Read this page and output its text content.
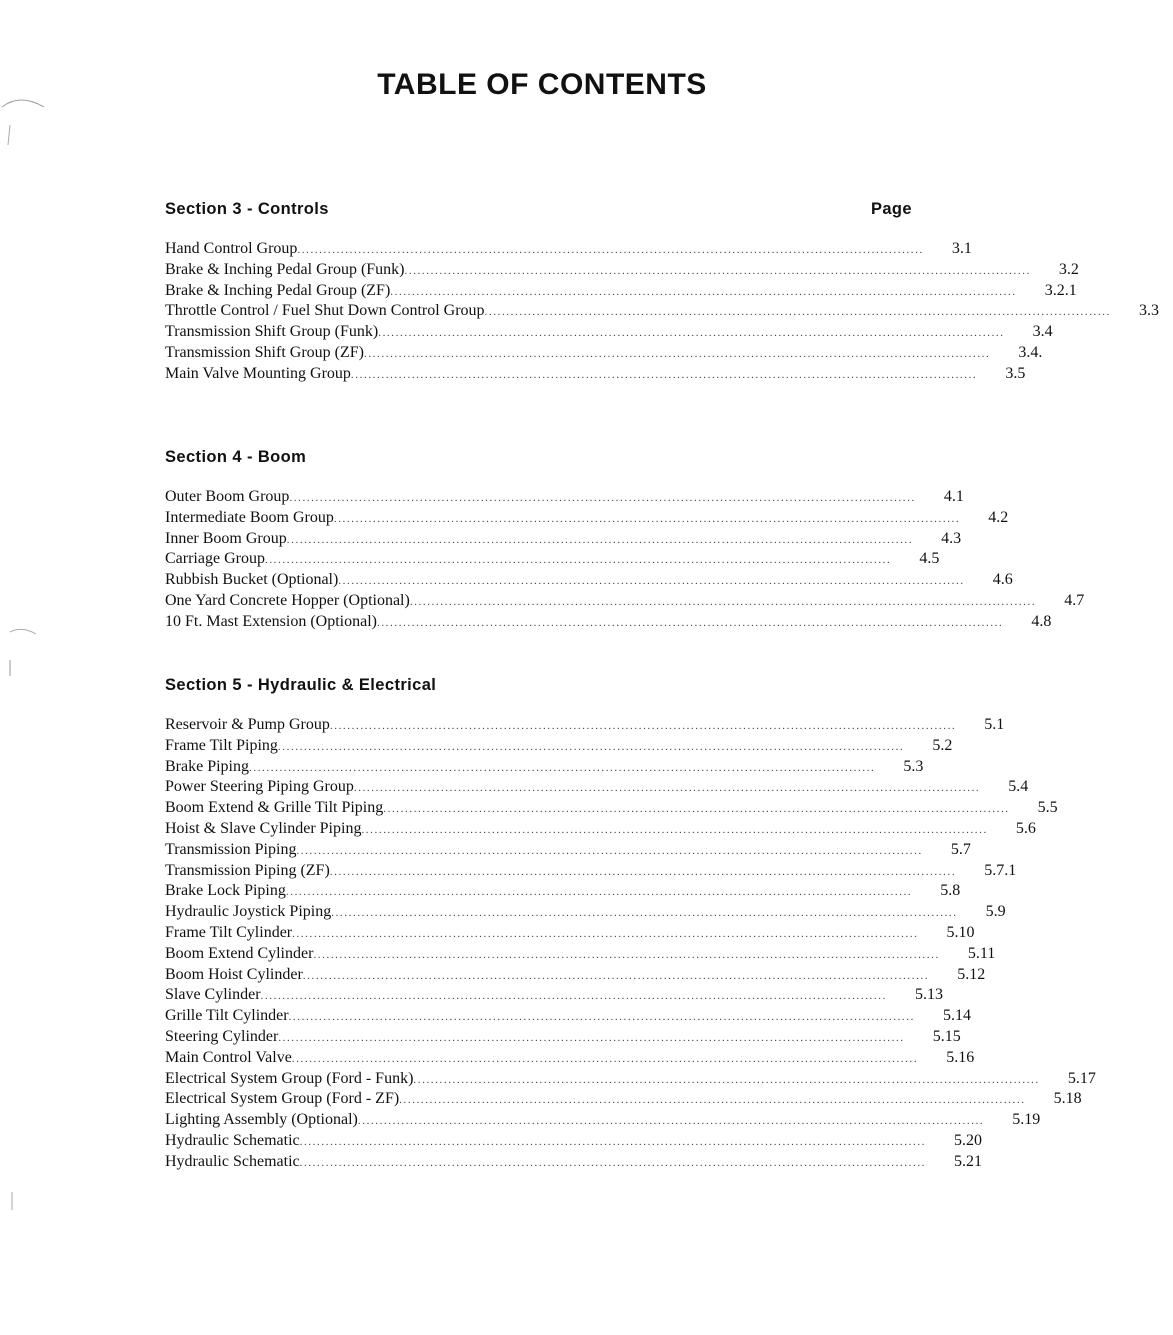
TABLE OF CONTENTS
Section 3 - Controls	Page
Hand Control Group ................................................................................................................................................ 3.1
Brake & Inching Pedal Group (Funk) ................................................................................................................................................ 3.2
Brake & Inching Pedal Group (ZF) ................................................................................................................................................ 3.2.1
Throttle Control / Fuel Shut Down Control Group ................................................................................................................................................ 3.3
Transmission Shift Group (Funk) ................................................................................................................................................ 3.4
Transmission Shift Group (ZF) ................................................................................................................................................ 3.4.
Main Valve Mounting Group ................................................................................................................................................ 3.5
Section 4 - Boom
Outer Boom Group ................................................................................................................................................ 4.1
Intermediate Boom Group ................................................................................................................................................ 4.2
Inner Boom Group ................................................................................................................................................ 4.3
Carriage Group ................................................................................................................................................ 4.5
Rubbish Bucket (Optional) ................................................................................................................................................ 4.6
One Yard Concrete Hopper (Optional) ................................................................................................................................................ 4.7
10 Ft. Mast Extension (Optional) ................................................................................................................................................ 4.8
Section 5 - Hydraulic & Electrical
Reservoir & Pump Group ................................................................................................................................................ 5.1
Frame Tilt Piping ................................................................................................................................................ 5.2
Brake Piping ................................................................................................................................................ 5.3
Power Steering Piping Group ................................................................................................................................................ 5.4
Boom Extend & Grille Tilt Piping ................................................................................................................................................ 5.5
Hoist & Slave Cylinder Piping ................................................................................................................................................ 5.6
Transmission Piping ................................................................................................................................................ 5.7
Transmission Piping (ZF) ................................................................................................................................................ 5.7.1
Brake Lock Piping ................................................................................................................................................ 5.8
Hydraulic Joystick Piping ................................................................................................................................................ 5.9
Frame Tilt Cylinder ................................................................................................................................................ 5.10
Boom Extend Cylinder ................................................................................................................................................ 5.11
Boom Hoist Cylinder ................................................................................................................................................ 5.12
Slave Cylinder ................................................................................................................................................ 5.13
Grille Tilt Cylinder ................................................................................................................................................ 5.14
Steering Cylinder ................................................................................................................................................ 5.15
Main Control Valve ................................................................................................................................................ 5.16
Electrical System Group (Ford - Funk) ................................................................................................................................................ 5.17
Electrical System Group (Ford - ZF) ................................................................................................................................................ 5.18
Lighting Assembly (Optional) ................................................................................................................................................ 5.19
Hydraulic Schematic ................................................................................................................................................ 5.20
Hydraulic Schematic ................................................................................................................................................ 5.21
